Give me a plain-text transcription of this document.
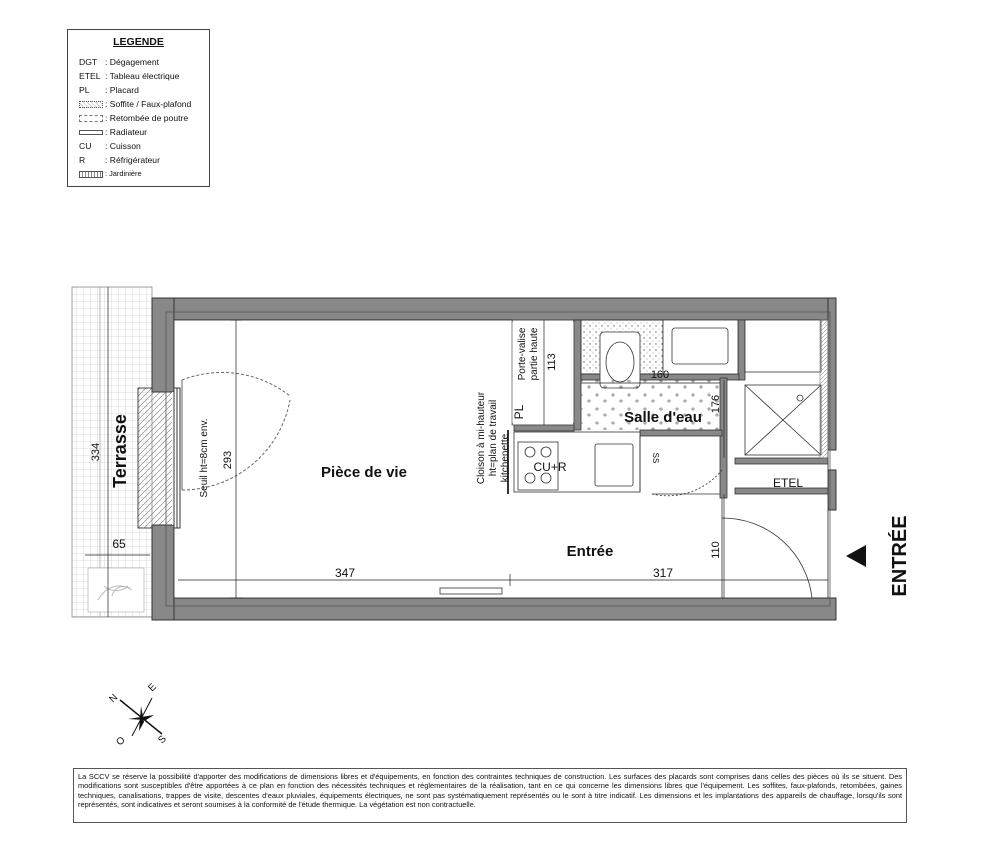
LEGENDE
DGT : Dégagement
ETEL : Tableau électrique
PL : Placard
: Soffite / Faux-plafond
: Retombée de poutre
: Radiateur
CU : Cuisson
R : Réfrigérateur
: Jardinière
334
65
293
347	317
113
160
176
110
Terrasse	Pièce de vie
Salle d'eau
Entrée
Seuil ht=8cm env.	Cloison à mi-hauteur ht=plan de travail kitchenette
Porte-valise partie haute
PL
CU+R
SS
ETEL
ENTRÉE
N
E
S
O
La SCCV se réserve la possibilité d'apporter des modifications de dimensions libres et d'équipements, en fonction des contraintes techniques de construction. Les surfaces des placards sont comprises dans celles des pièces où ils se situent. Des modifications sont susceptibles d'être apportées à ce plan en fonction des nécessités techniques et réglementaires de la réalisation, tant en ce qui concerne les dimensions libres que l'équipement. Les soffites, faux-plafonds, retombées, gaines techniques, canalisations, trappes de visite, descentes d'eaux pluviales, équipements électriques, ne sont pas systématiquement représentés ou le sont à titre indicatif. Les dimensions et les implantations des appareils de chauffage, lorsqu'ils sont représentés, sont indicatives et seront soumises à la conformité de l'étude thermique. La végétation est non contractuelle.
